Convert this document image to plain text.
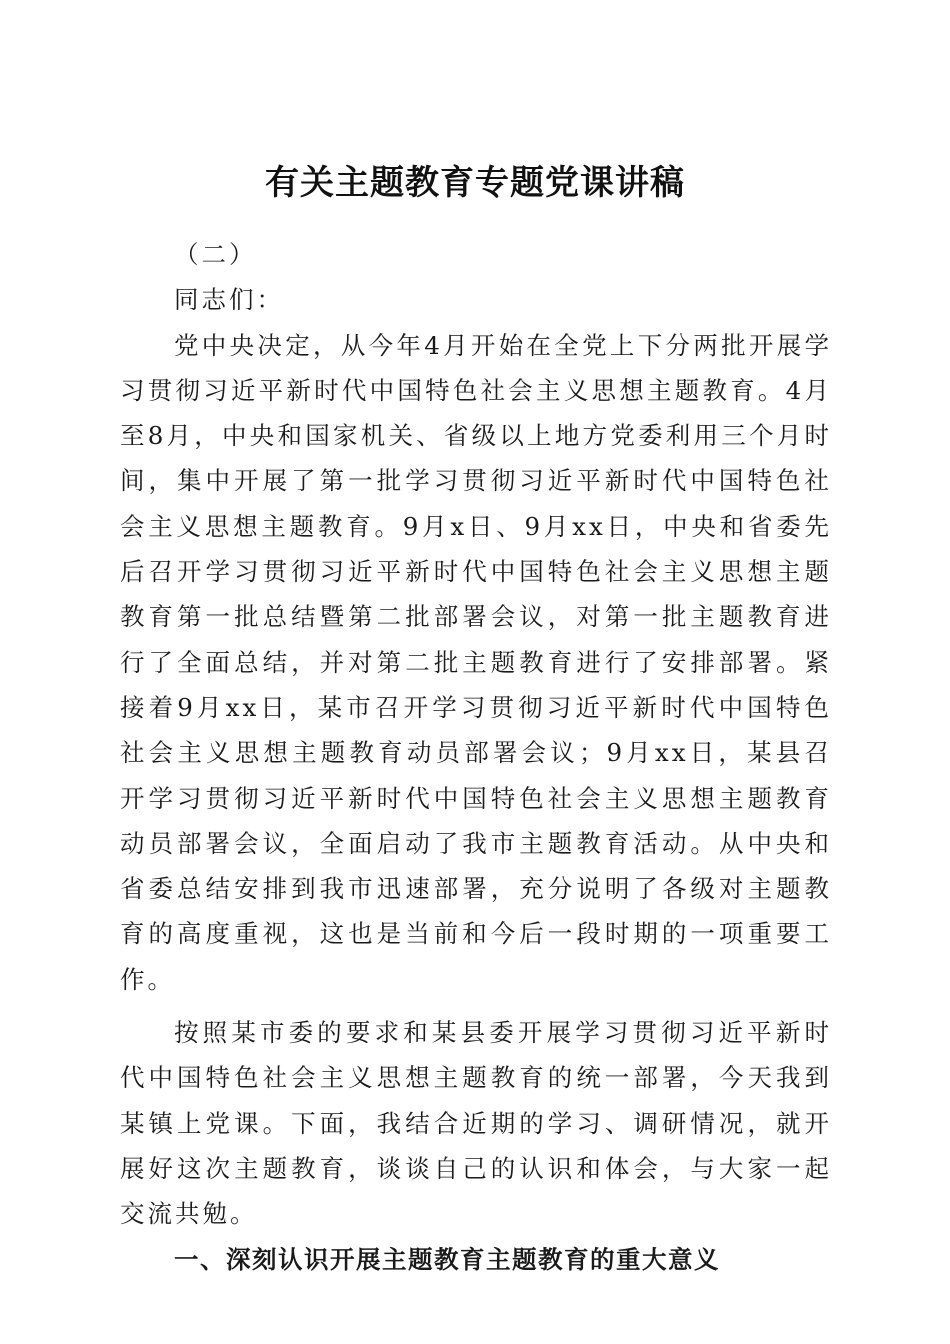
有关主题教育专题党课讲稿

（二）

同志们：

党中央决定，从今年4月开始在全党上下分两批开展学习贯彻习近平新时代中国特色社会主义思想主题教育。4月至8月，中央和国家机关、省级以上地方党委利用三个月时间，集中开展了第一批学习贯彻习近平新时代中国特色社会主义思想主题教育。9月x日、9月xx日，中央和省委先后召开学习贯彻习近平新时代中国特色社会主义思想主题教育第一批总结暨第二批部署会议，对第一批主题教育进行了全面总结，并对第二批主题教育进行了安排部署。紧接着9月xx日，某市召开学习贯彻习近平新时代中国特色社会主义思想主题教育动员部署会议；9月xx日，某县召开学习贯彻习近平新时代中国特色社会主义思想主题教育动员部署会议，全面启动了我市主题教育活动。从中央和省委总结安排到我市迅速部署，充分说明了各级对主题教育的高度重视，这也是当前和今后一段时期的一项重要工作。

按照某市委的要求和某县委开展学习贯彻习近平新时代中国特色社会主义思想主题教育的统一部署，今天我到某镇上党课。下面，我结合近期的学习、调研情况，就开展好这次主题教育，谈谈自己的认识和体会，与大家一起交流共勉。

一、深刻认识开展主题教育主题教育的重大意义
